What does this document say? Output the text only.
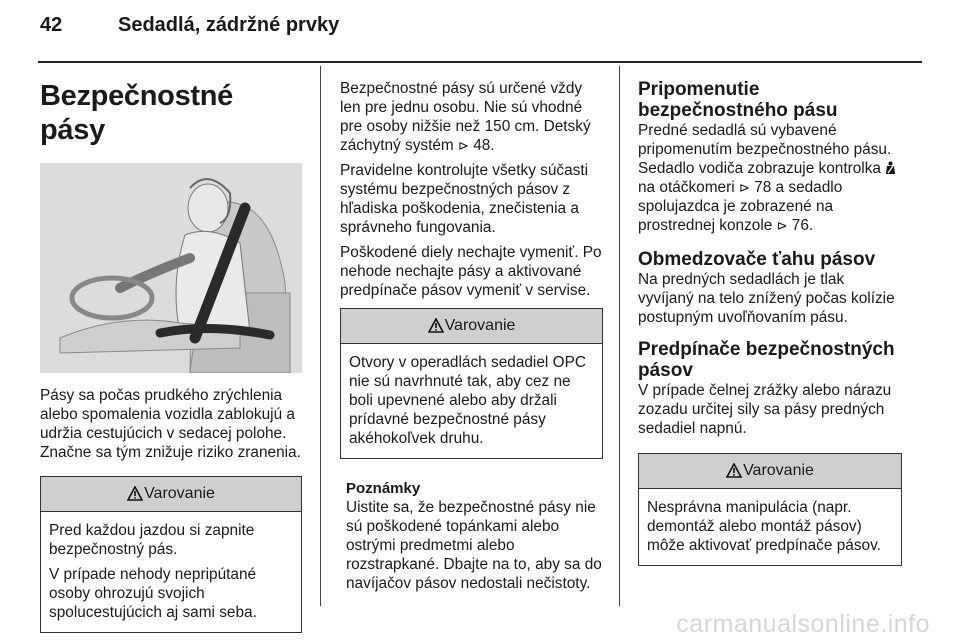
42	Sedadlá, zádržné prvky
Bezpečnostné pásy

Pásy sa počas prudkého zrýchlenia alebo spomalenia vozidla zablokujú a udržia cestujúcich v sedacej polohe. Značne sa tým znižuje riziko zranenia.

Varovanie

Pred každou jazdou si zapnite bezpečnostný pás.

V prípade nehody nepripútané osoby ohrozujú svojich spolucestujúcich aj sami seba.

Bezpečnostné pásy sú určené vždy len pre jednu osobu. Nie sú vhodné pre osoby nižšie než 150 cm. Detský záchytný systém ⊳ 48.

Pravidelne kontrolujte všetky súčasti systému bezpečnostných pásov z hľadiska poškodenia, znečistenia a správneho fungovania.

Poškodené diely nechajte vymeniť. Po nehode nechajte pásy a aktivované predpínače pásov vymeniť v servise.

Varovanie

Otvory v operadlách sedadiel OPC nie sú navrhnuté tak, aby cez ne boli upevnené alebo aby držali prídavné bezpečnostné pásy akéhokoľvek druhu.

Poznámky

Uistite sa, že bezpečnostné pásy nie sú poškodené topánkami alebo ostrými predmetmi alebo rozstrapkané. Dbajte na to, aby sa do navíjačov pásov nedostali nečistoty.

Pripomenutie bezpečnostného pásu

Predné sedadlá sú vybavené pripomenutím bezpečnostného pásu. Sedadlo vodiča zobrazuje kontrolka  na otáčkomeri ⊳ 78 a sedadlo spolujazdca je zobrazené na prostrednej konzole ⊳ 76.

Obmedzovače ťahu pásov

Na predných sedadlách je tlak vyvíjaný na telo znížený počas kolízie postupným uvoľňovaním pásu.

Predpínače bezpečnostných pásov

V prípade čelnej zrážky alebo nárazu zozadu určitej sily sa pásy predných sedadiel napnú.

Varovanie

Nesprávna manipulácia (napr. demontáž alebo montáž pásov) môže aktivovať predpínače pásov.

carmanualsonline.info
